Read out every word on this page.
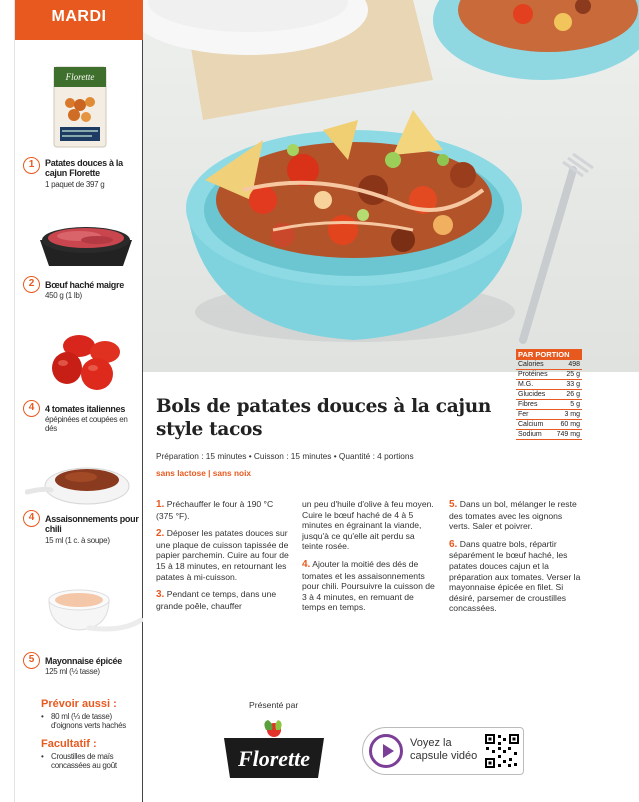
MARDI
Florette
1	Patates douces à la cajun Florette
1 paquet de 397 g
2	Bœuf haché maigre
450 g (1 lb)
4	4 tomates italiennes
épépinées et coupées en dés
4	Assaisonnements pour chili
15 ml (1 c. à soupe)
5	Mayonnaise épicée
125 ml (½ tasse)
Prévoir aussi :
• 80 ml (⅓ de tasse) d'oignons verts hachés
Facultatif :
• Croustilles de maïs concassées au goût
PAR PORTION
Calories	498
Protéines	25 g
M.G.	33 g
Glucides	26 g
Fibres	5 g
Fer	3 mg
Calcium 60 mg
Sodium 749 mg
Bols de patates douces à la cajun style tacos
Préparation : 15 minutes • Cuisson : 15 minutes • Quantité : 4 portions
sans lactose | sans noix
1. Préchauffer le four à 190 °C (375 °F).
2. Déposer les patates douces sur une plaque de cuisson tapissée de papier parchemin. Cuire au four de 15 à 18 minutes, en retournant les patates à mi-cuisson.
3. Pendant ce temps, dans une grande poêle, chauffer
un peu d'huile d'olive à feu moyen. Cuire le bœuf haché de 4 à 5 minutes en égrainant la viande, jusqu'à ce qu'elle ait perdu sa teinte rosée.
4. Ajouter la moitié des dés de tomates et les assaisonnements pour chili. Poursuivre la cuisson de 3 à 4 minutes, en remuant de temps en temps.
5. Dans un bol, mélanger le reste des tomates avec les oignons verts. Saler et poivrer.
6. Dans quatre bols, répartir séparément le bœuf haché, les patates douces cajun et la préparation aux tomates. Verser la mayonnaise épicée en filet. Si désiré, parsemer de croustilles concassées.
Présenté par
Florette
Voyez la capsule vidéo
